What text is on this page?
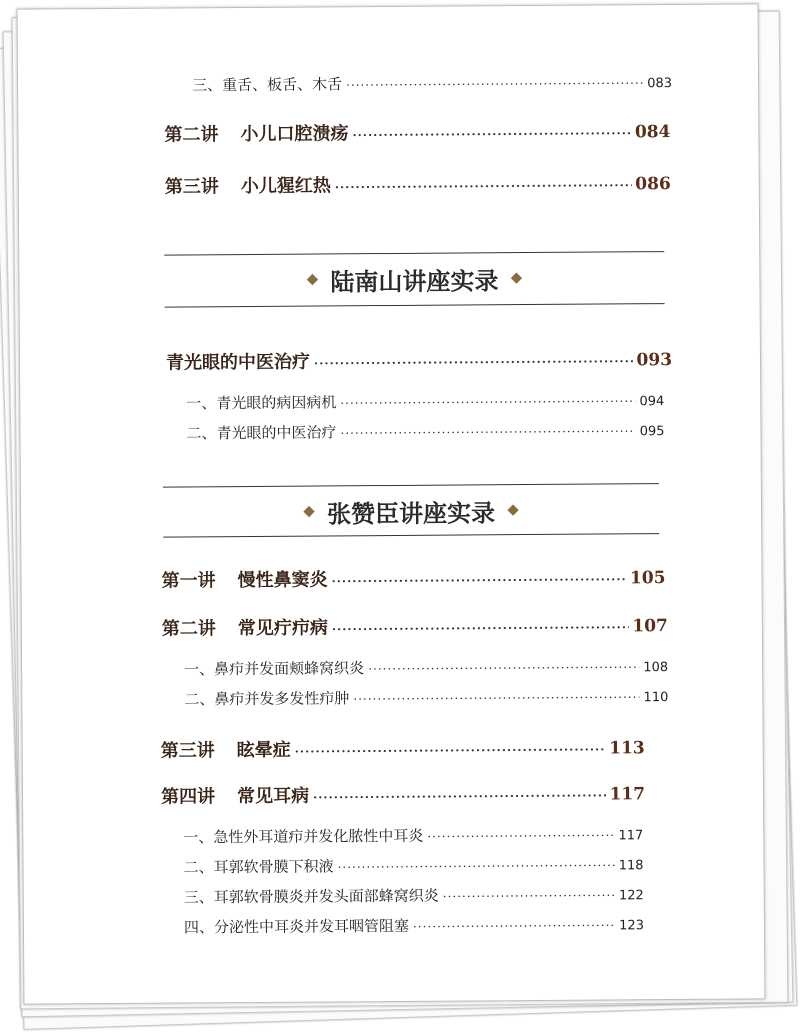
三、重舌、板舌、木舌 ·····	083
第二讲 小儿口腔溃疡 ·····	084
第三讲 小儿猩红热 ·····	086
陆南山讲座实录
青光眼的中医治疗 ·····	093
一、青光眼的病因病机 ·····	094
二、青光眼的中医治疗 ·····	095
张赞臣讲座实录
第一讲 慢性鼻窦炎 ·····	105
第二讲 常见疔疖病 ·····	107
一、鼻疖并发面颊蜂窝织炎 ·····	108
二、鼻疖并发多发性疖肿 ·····	110
第三讲 眩晕症 ·····	113
第四讲 常见耳病 ·····	117
一、急性外耳道疖并发化脓性中耳炎 ·····	117
二、耳郭软骨膜下积液 ·····	118
三、耳郭软骨膜炎并发头面部蜂窝织炎 ·····	122
四、分泌性中耳炎并发耳咽管阻塞 ·····	123
